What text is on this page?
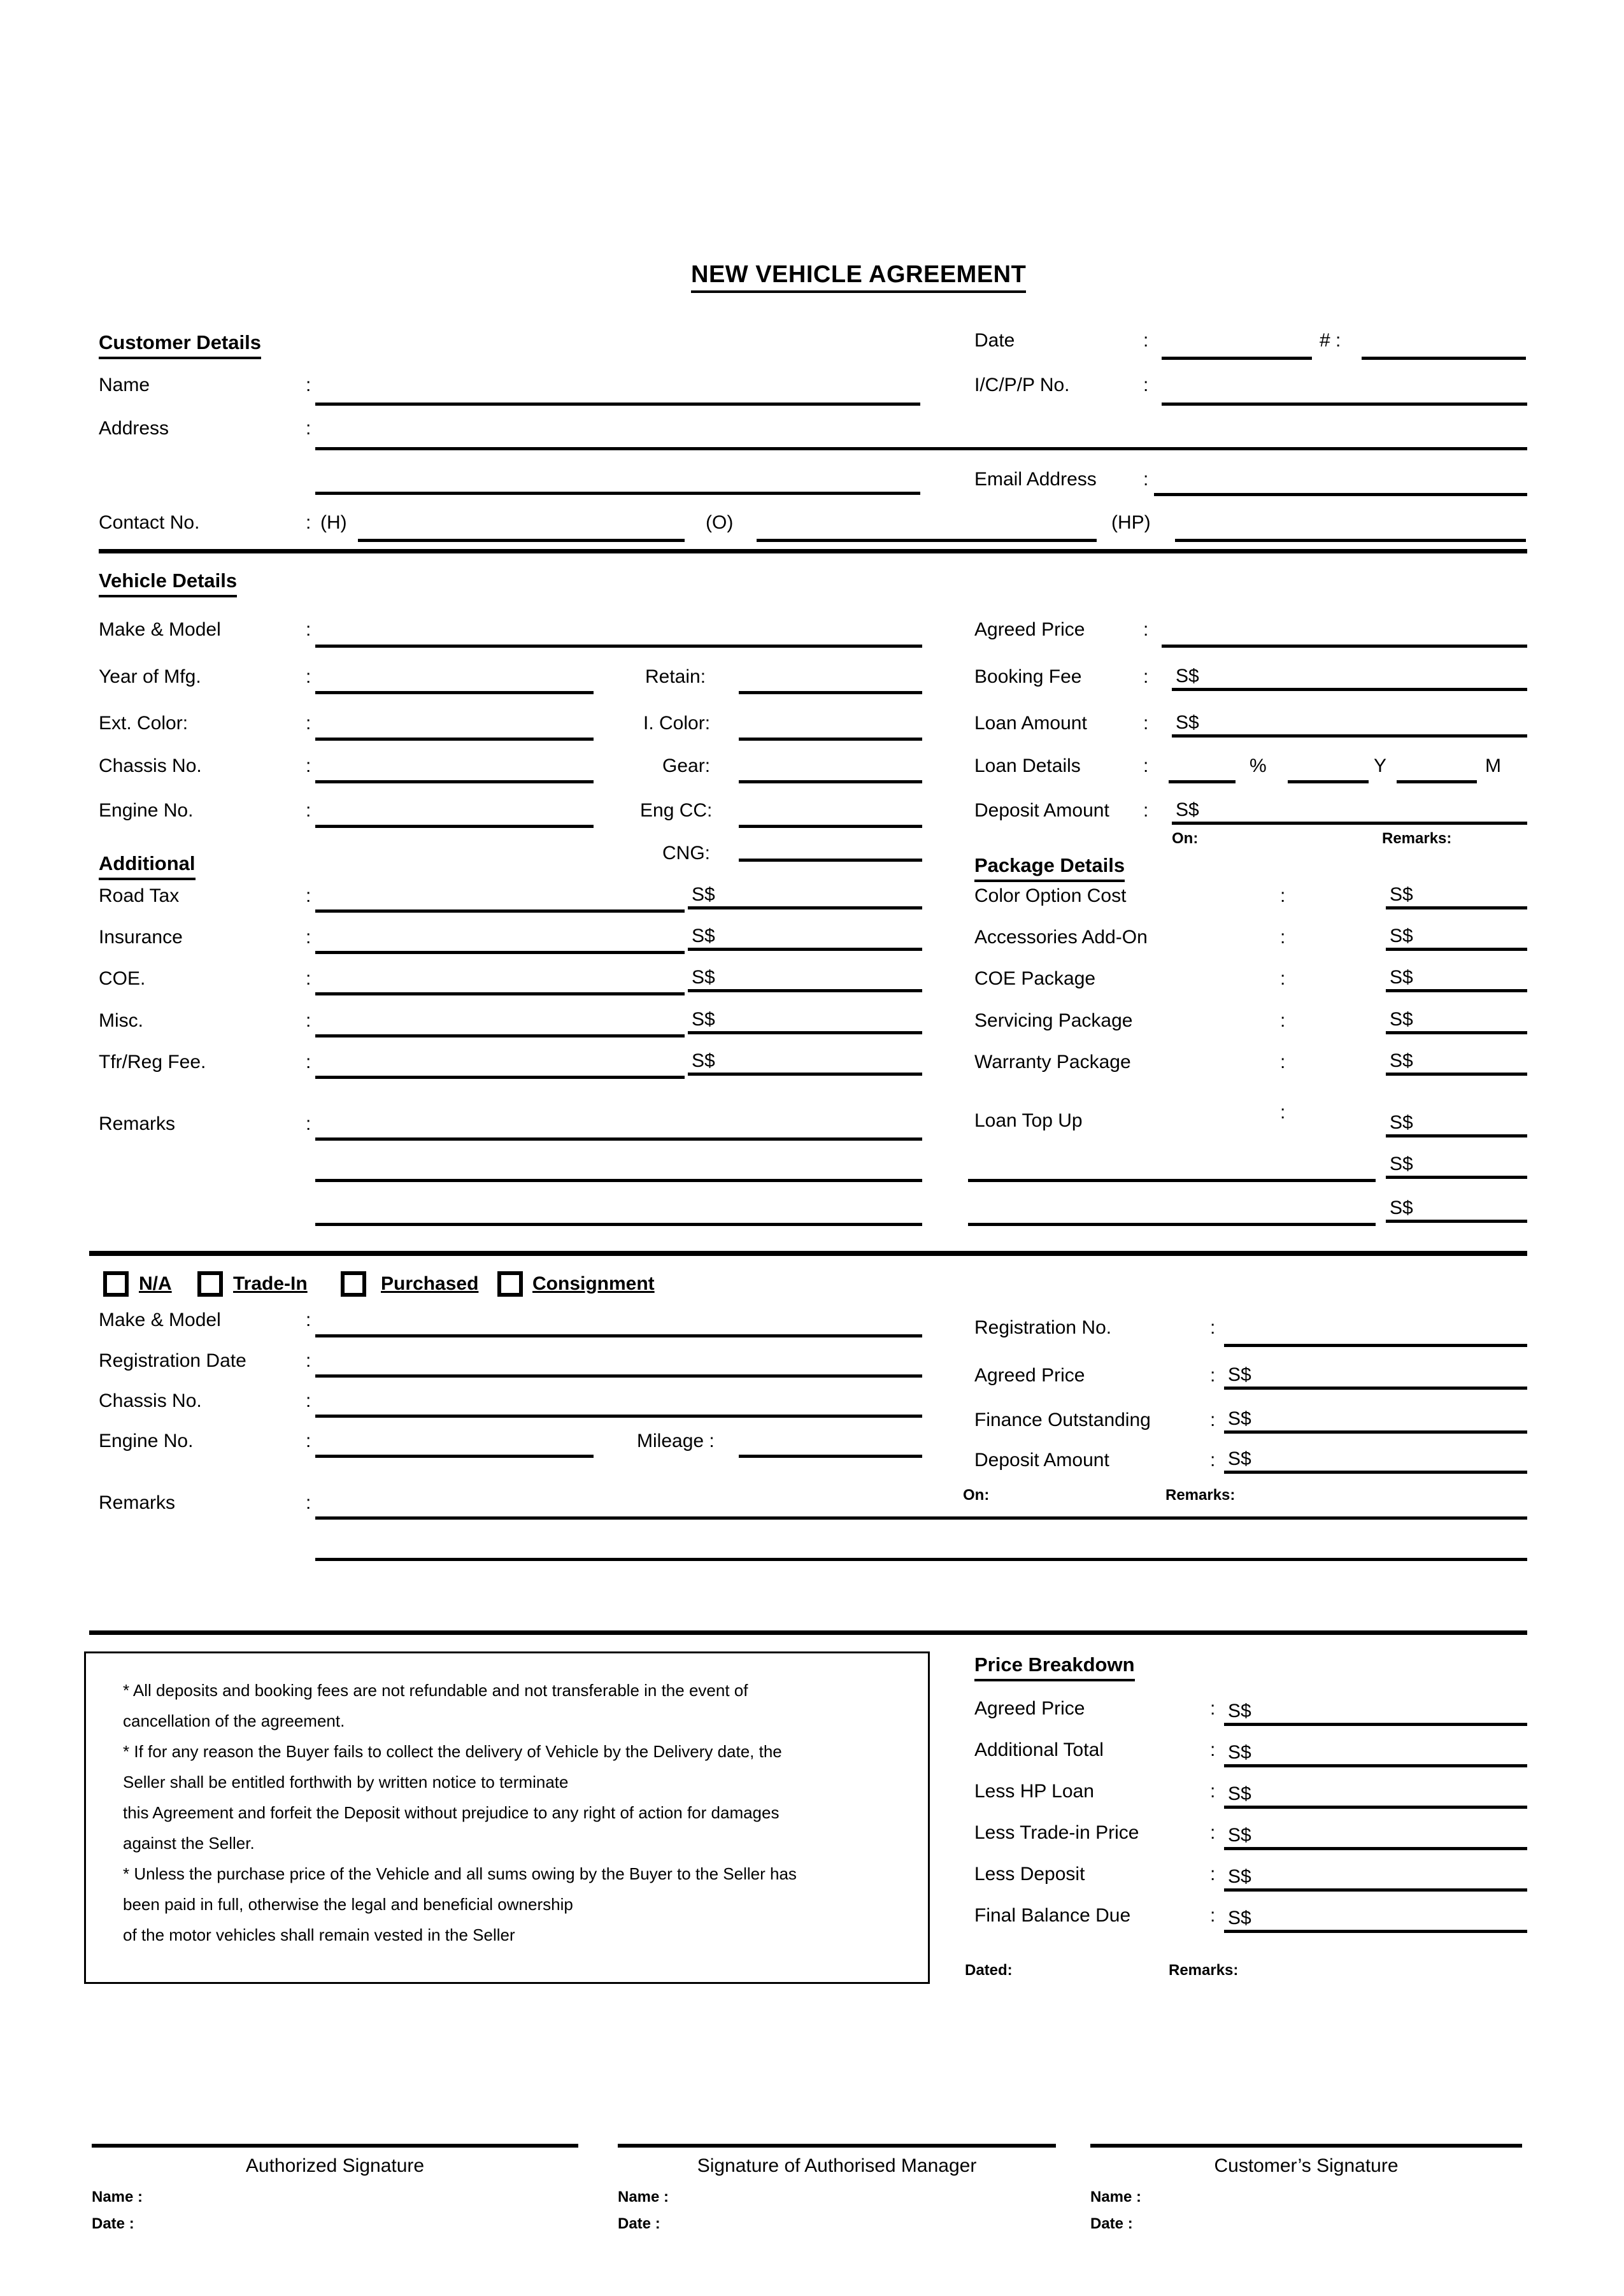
NEW VEHICLE AGREEMENT
Customer Details	Date	:	# :
Name	:	I/C/P/P No.	:
Address	:
Email Address :
Contact No.	: (H)	(O)	(HP)
Vehicle Details
Make & Model	:	Agreed Price	:
Year of Mfg.	:	Retain:	Booking Fee	: S$
Ext. Color:	:	I. Color:	Loan Amount	: S$
Chassis No.	:	Gear:	Loan Details	:	%	Y	M
Engine No.	:	Eng CC:	Deposit Amount : S$
CNG:
On:	Remarks:
Additional	Package Details
Road Tax	:	S$
Insurance	:	S$
COE.	:	S$
Misc.	:	S$
Tfr/Reg Fee.	:	S$
Remarks	:
Color Option Cost	:	S$
Accessories Add-On	:	S$
COE Package	:	S$
Servicing Package	:	S$
Warranty Package	:	S$
Loan Top Up	:	S$
S$
S$
N/A	Trade-In	Purchased	Consignment
Make & Model	:	Registration No.	:
Registration Date	:
Agreed Price	: S$
Chassis No.	:
Finance Outstanding	: S$
Engine No.	:	Mileage :
Deposit Amount	: S$
On:	Remarks:
Remarks	:
* All deposits and booking fees are not refundable and not transferable in the event of
cancellation of the agreement.
* If for any reason the Buyer fails to collect the delivery of Vehicle by the Delivery date, the
Seller shall be entitled forthwith by written notice to terminate
this Agreement and forfeit the Deposit without prejudice to any right of action for damages
against the Seller.
* Unless the purchase price of the Vehicle and all sums owing by the Buyer to the Seller has
been paid in full, otherwise the legal and beneficial ownership
of the motor vehicles shall remain vested in the Seller
Price Breakdown
Agreed Price	: S$
Additional Total	: S$
Less HP Loan	: S$
Less Trade-in Price	: S$
Less Deposit	: S$
Final Balance Due	: S$
Dated:	Remarks:
Authorized Signature	Signature of Authorised Manager	Customer’s Signature
Name :
Date :
Name :
Date :
Name :
Date :
